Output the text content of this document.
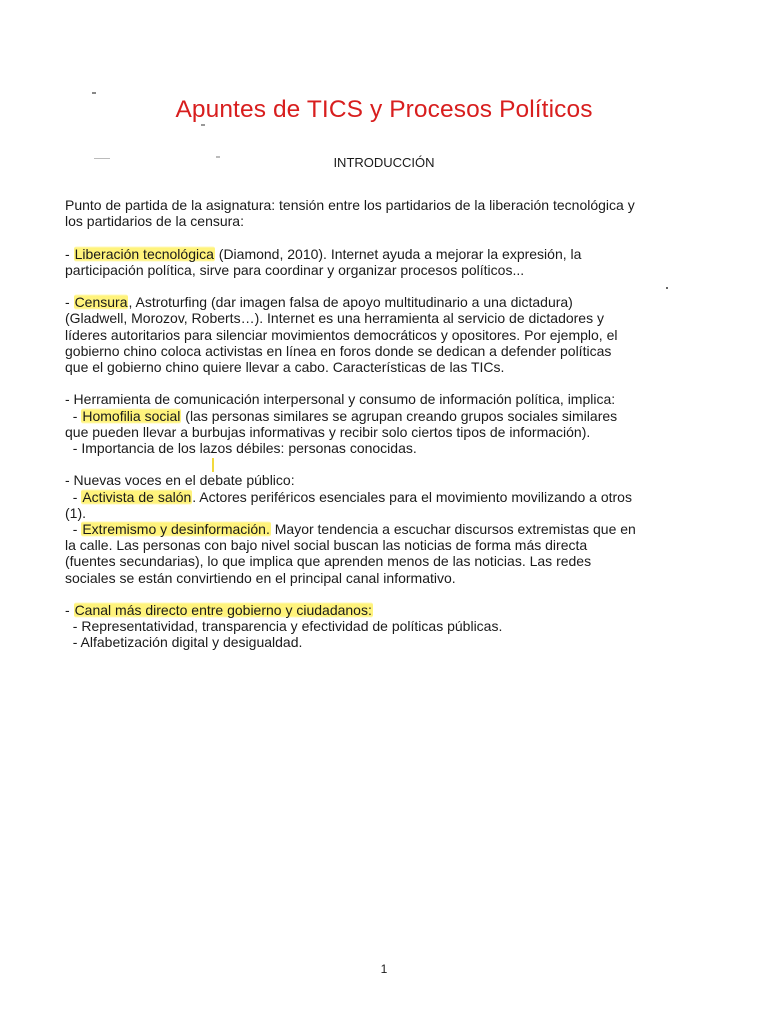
Apuntes de TICS y Procesos Políticos
INTRODUCCIÓN
Punto de partida de la asignatura: tensión entre los partidarios de la liberación tecnológica y
los partidarios de la censura:
- Liberación tecnológica (Diamond, 2010). Internet ayuda a mejorar la expresión, la
participación política, sirve para coordinar y organizar procesos políticos...
- Censura, Astroturfing (dar imagen falsa de apoyo multitudinario a una dictadura)
(Gladwell, Morozov, Roberts…). Internet es una herramienta al servicio de dictadores y
líderes autoritarios para silenciar movimientos democráticos y opositores. Por ejemplo, el
gobierno chino coloca activistas en línea en foros donde se dedican a defender políticas
que el gobierno chino quiere llevar a cabo. Características de las TICs.
- Herramienta de comunicación interpersonal y consumo de información política, implica:
- Homofilia social (las personas similares se agrupan creando grupos sociales similares
que pueden llevar a burbujas informativas y recibir solo ciertos tipos de información).
- Importancia de los lazos débiles: personas conocidas.
- Nuevas voces en el debate público:
- Activista de salón. Actores periféricos esenciales para el movimiento movilizando a otros
(1).
- Extremismo y desinformación. Mayor tendencia a escuchar discursos extremistas que en
la calle. Las personas con bajo nivel social buscan las noticias de forma más directa
(fuentes secundarias), lo que implica que aprenden menos de las noticias. Las redes
sociales se están convirtiendo en el principal canal informativo.
- Canal más directo entre gobierno y ciudadanos:
- Representatividad, transparencia y efectividad de políticas públicas.
- Alfabetización digital y desigualdad.
1
